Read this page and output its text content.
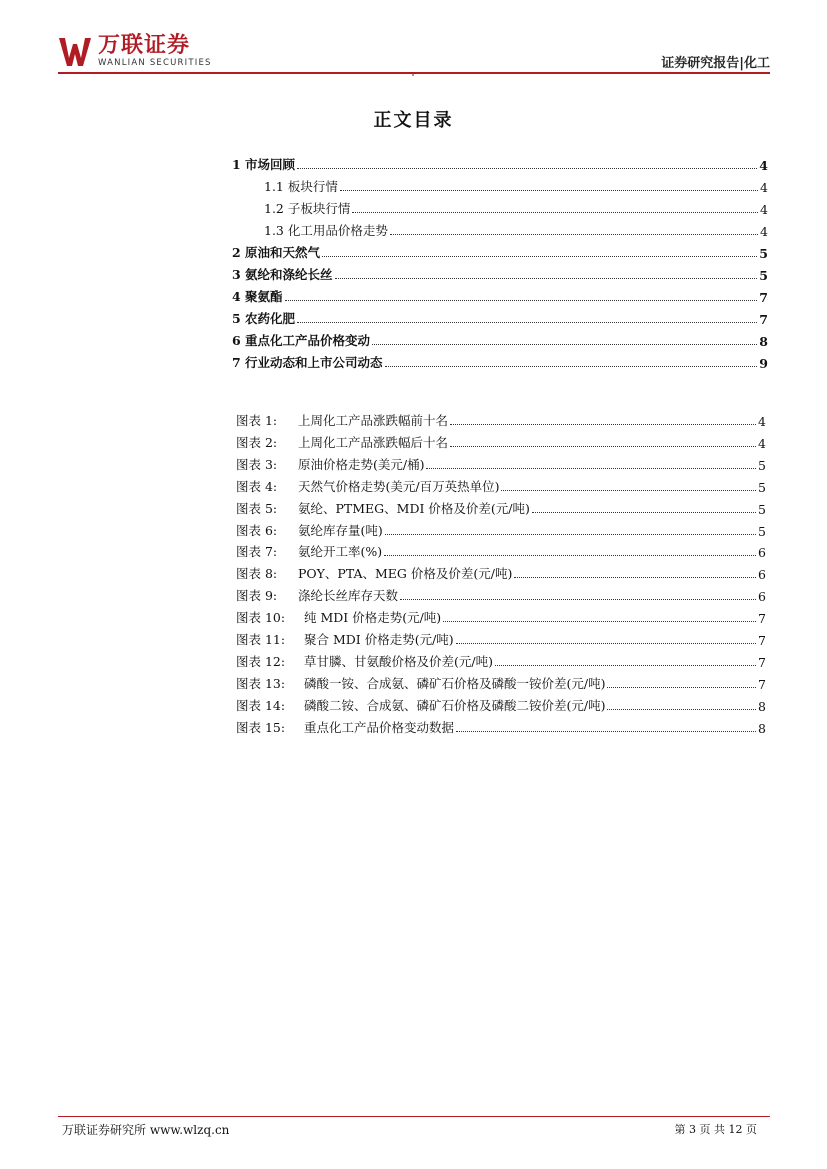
万联证券
WANLIAN SECURITIES	证券研究报告|化工
正文目录
1 市场回顾	4
1.1 板块行情	4
1.2 子板块行情	4
1.3 化工用品价格走势	4
2 原油和天然气	5
3 氨纶和涤纶长丝	5
4 聚氨酯	7
5 农药化肥	7
6 重点化工产品价格变动	8
7 行业动态和上市公司动态	9
图表 1:	上周化工产品涨跌幅前十名	4
图表 2:	上周化工产品涨跌幅后十名	4
图表 3:	原油价格走势(美元/桶)	5
图表 4:	天然气价格走势(美元/百万英热单位)	5
图表 5:	氨纶、PTMEG、MDI 价格及价差(元/吨)	5
图表 6:	氨纶库存量(吨)	5
图表 7:	氨纶开工率(%)	6
图表 8:	POY、PTA、MEG 价格及价差(元/吨)	6
图表 9:	涤纶长丝库存天数	6
图表 10:	纯 MDI 价格走势(元/吨)	7
图表 11:	聚合 MDI 价格走势(元/吨)	7
图表 12:	草甘膦、甘氨酸价格及价差(元/吨)	7
图表 13:	磷酸一铵、合成氨、磷矿石价格及磷酸一铵价差(元/吨)	7
图表 14:	磷酸二铵、合成氨、磷矿石价格及磷酸二铵价差(元/吨)	8
图表 15:	重点化工产品价格变动数据	8
万联证券研究所 www.wlzq.cn	第 3 页 共 12 页
